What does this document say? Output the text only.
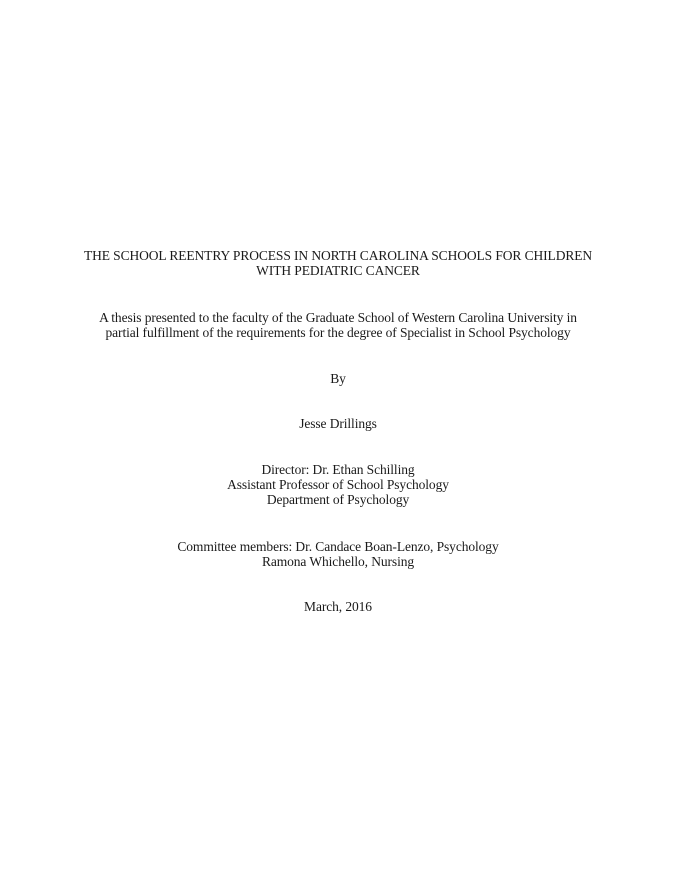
THE SCHOOL REENTRY PROCESS IN NORTH CAROLINA SCHOOLS FOR CHILDREN
WITH PEDIATRIC CANCER
A thesis presented to the faculty of the Graduate School of Western Carolina University in
partial fulfillment of the requirements for the degree of Specialist in School Psychology
By
Jesse Drillings
Director: Dr. Ethan Schilling
Assistant Professor of School Psychology
Department of Psychology
Committee members: Dr. Candace Boan-Lenzo, Psychology
Ramona Whichello, Nursing
March, 2016
